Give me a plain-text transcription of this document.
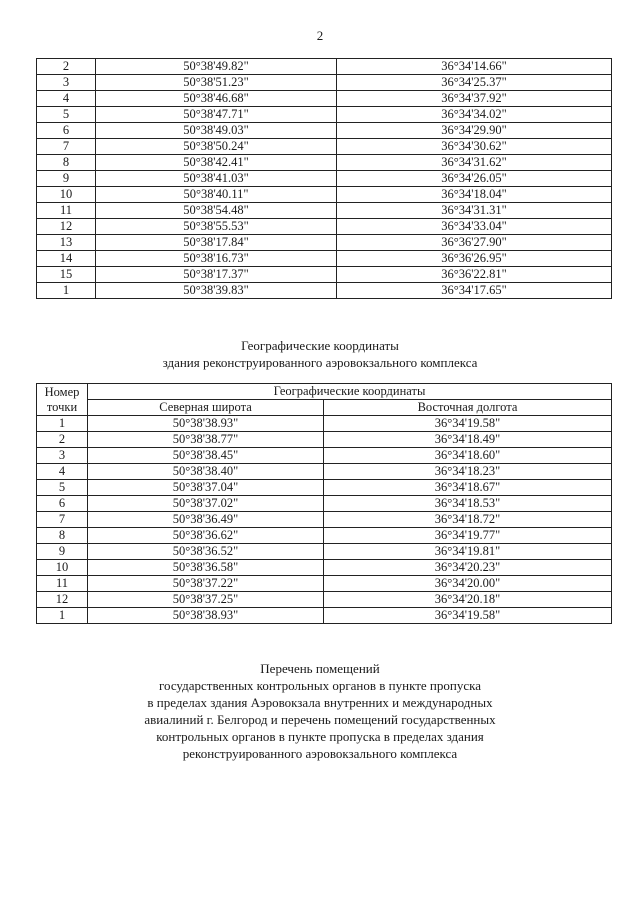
2
2	50°38'49.82"	36°34'14.66"
3	50°38'51.23"	36°34'25.37"
4	50°38'46.68"	36°34'37.92"
5	50°38'47.71"	36°34'34.02"
6	50°38'49.03"	36°34'29.90"
7	50°38'50.24"	36°34'30.62"
8	50°38'42.41"	36°34'31.62"
9	50°38'41.03"	36°34'26.05"
10	50°38'40.11"	36°34'18.04"
11	50°38'54.48"	36°34'31.31"
12	50°38'55.53"	36°34'33.04"
13	50°38'17.84"	36°36'27.90"
14	50°38'16.73"	36°36'26.95"
15	50°38'17.37"	36°36'22.81"
1	50°38'39.83"	36°34'17.65"
Географические координаты
здания реконструированного аэровокзального комплекса
Номер
точки	Географические координаты	
	Северная широта	Восточная долгота
1	50°38'38.93"	36°34'19.58"
2	50°38'38.77"	36°34'18.49"
3	50°38'38.45"	36°34'18.60"
4	50°38'38.40"	36°34'18.23"
5	50°38'37.04"	36°34'18.67"
6	50°38'37.02"	36°34'18.53"
7	50°38'36.49"	36°34'18.72"
8	50°38'36.62"	36°34'19.77"
9	50°38'36.52"	36°34'19.81"
10	50°38'36.58"	36°34'20.23"
11	50°38'37.22"	36°34'20.00"
12	50°38'37.25"	36°34'20.18"
1	50°38'38.93"	36°34'19.58"
Перечень помещений
государственных контрольных органов в пункте пропуска
в пределах здания Аэровокзала внутренних и международных
авиалиний г. Белгород и перечень помещений государственных
контрольных органов в пункте пропуска в пределах здания
реконструированного аэровокзального комплекса
